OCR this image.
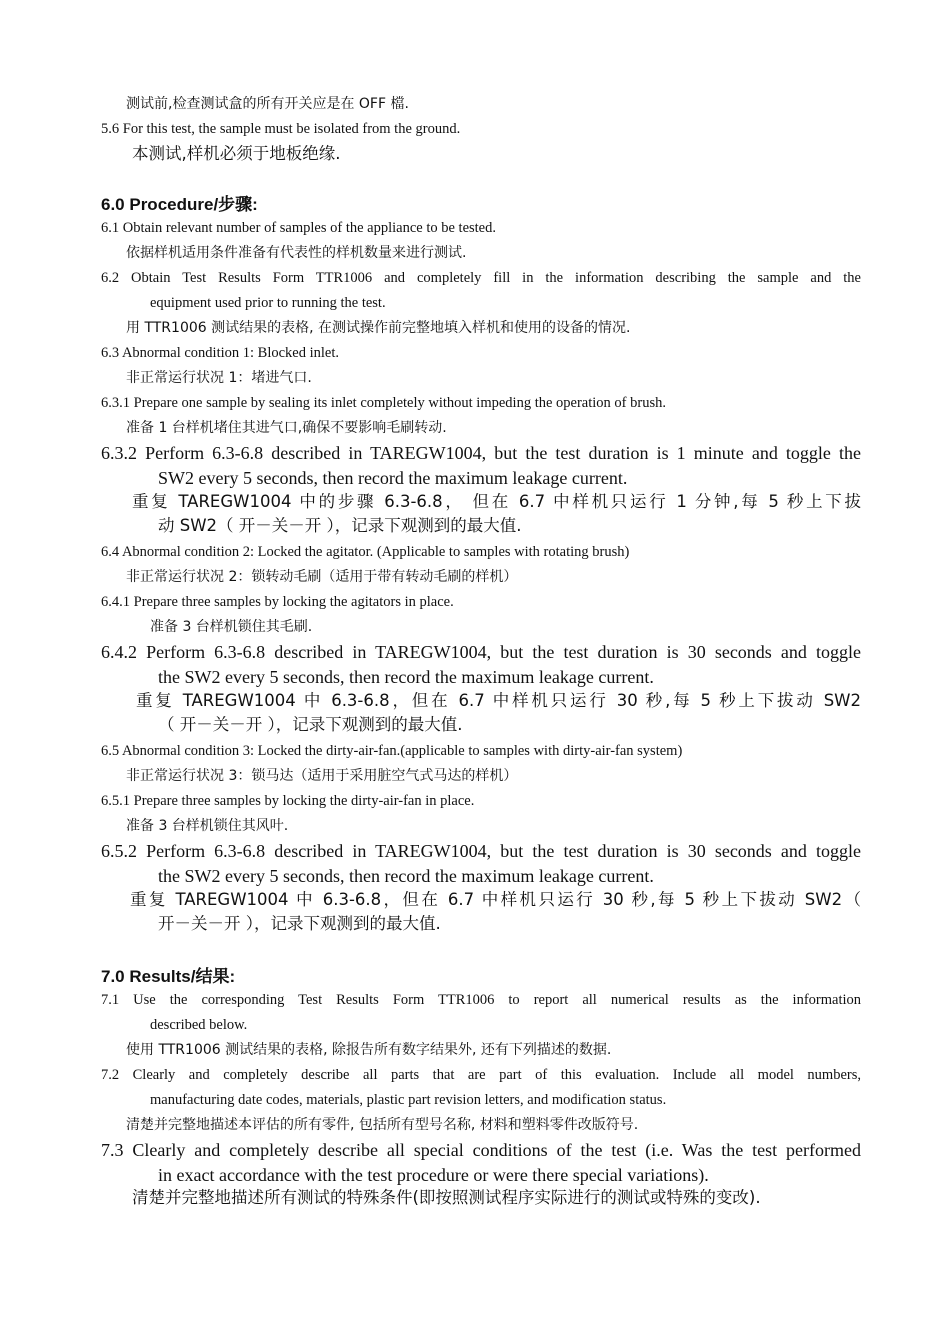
测试前,检查测试盒的所有开关应是在 OFF 檔.
5.6 For this test, the sample must be isolated from the ground.
本测试,样机必须于地板绝缘.
6.0 Procedure/步骤:
6.1 Obtain relevant number of samples of the appliance to be tested.
依据样机适用条件准备有代表性的样机数量来进行测试.
6.2 Obtain Test Results Form TTR1006 and completely fill in the information describing the sample and the
equipment used prior to running the test.
用 TTR1006 测试结果的表格, 在测试操作前完整地填入样机和使用的设备的情况.
6.3 Abnormal condition 1: Blocked inlet.
非正常运行状况 1：堵进气口.
6.3.1 Prepare one sample by sealing its inlet completely without impeding the operation of brush.
准备 1 台样机堵住其进气口,确保不要影响毛刷转动.
6.3.2 Perform 6.3-6.8 described in TAREGW1004, but the test duration is 1 minute and toggle the
SW2 every 5 seconds, then record the maximum leakage current.
重复 TAREGW1004 中的步骤 6.3-6.8， 但在 6.7 中样机只运行 1 分钟,每 5 秒上下拔
动 SW2（ 开－关－开 ），记录下观测到的最大值.
6.4 Abnormal condition 2: Locked the agitator. (Applicable to samples with rotating brush)
非正常运行状况 2：锁转动毛刷（适用于带有转动毛刷的样机）
6.4.1 Prepare three samples by locking the agitators in place.
准备 3 台样机锁住其毛刷.
6.4.2 Perform 6.3-6.8 described in TAREGW1004, but the test duration is 30 seconds and toggle
the SW2 every 5 seconds, then record the maximum leakage current.
重复 TAREGW1004 中 6.3-6.8，但在 6.7 中样机只运行 30 秒,每 5 秒上下拔动 SW2
（ 开－关－开 ），记录下观测到的最大值.
6.5 Abnormal condition 3: Locked the dirty-air-fan.(applicable to samples with dirty-air-fan system)
非正常运行状况 3：锁马达（适用于采用脏空气式马达的样机）
6.5.1 Prepare three samples by locking the dirty-air-fan in place.
准备 3 台样机锁住其风叶.
6.5.2 Perform 6.3-6.8 described in TAREGW1004, but the test duration is 30 seconds and toggle
the SW2 every 5 seconds, then record the maximum leakage current.
重复 TAREGW1004 中 6.3-6.8，但在 6.7 中样机只运行 30 秒,每 5 秒上下拔动 SW2（
开－关－开 ），记录下观测到的最大值.
7.0 Results/结果:
7.1 Use the corresponding Test Results Form TTR1006 to report all numerical results as the information
described below.
使用 TTR1006 测试结果的表格, 除报告所有数字结果外, 还有下列描述的数据.
7.2 Clearly and completely describe all parts that are part of this evaluation. Include all model numbers,
manufacturing date codes, materials, plastic part revision letters, and modification status.
清楚并完整地描述本评估的所有零件, 包括所有型号名称, 材料和塑料零件改版符号.
7.3 Clearly and completely describe all special conditions of the test (i.e. Was the test performed
in exact accordance with the test procedure or were there special variations).
清楚并完整地描述所有测试的特殊条件(即按照测试程序实际进行的测试或特殊的变改).
